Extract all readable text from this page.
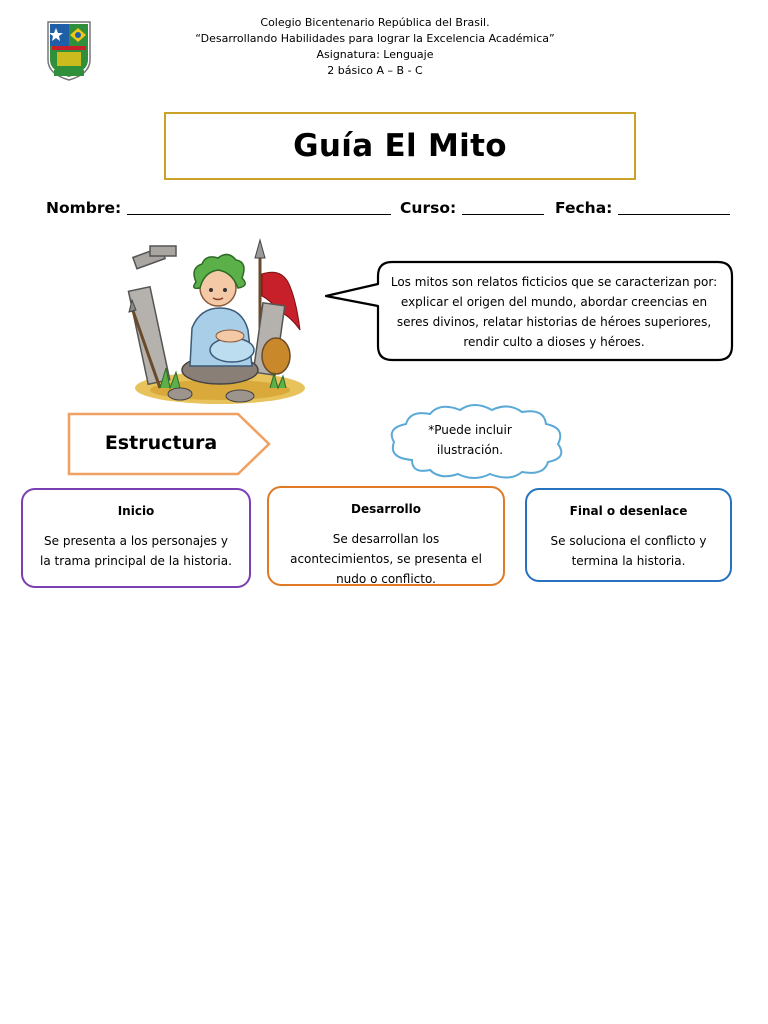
Colegio Bicentenario República del Brasil.
“Desarrollando Habilidades para lograr la Excelencia Académica”
Asignatura: Lenguaje
2 básico A – B - C
Guía El Mito
Nombre:	Curso:	Fecha:
Los mitos son relatos ficticios que se caracterizan por: explicar el origen del mundo, abordar creencias en seres divinos, relatar historias de héroes superiores, rendir culto a dioses y héroes.
Estructura
*Puede incluir ilustración.
Inicio
Se presenta a los personajes y la trama principal de la historia.
Desarrollo
Se desarrollan los acontecimientos, se presenta el nudo o conflicto.
Final o desenlace
Se soluciona el conflicto y termina la historia.
